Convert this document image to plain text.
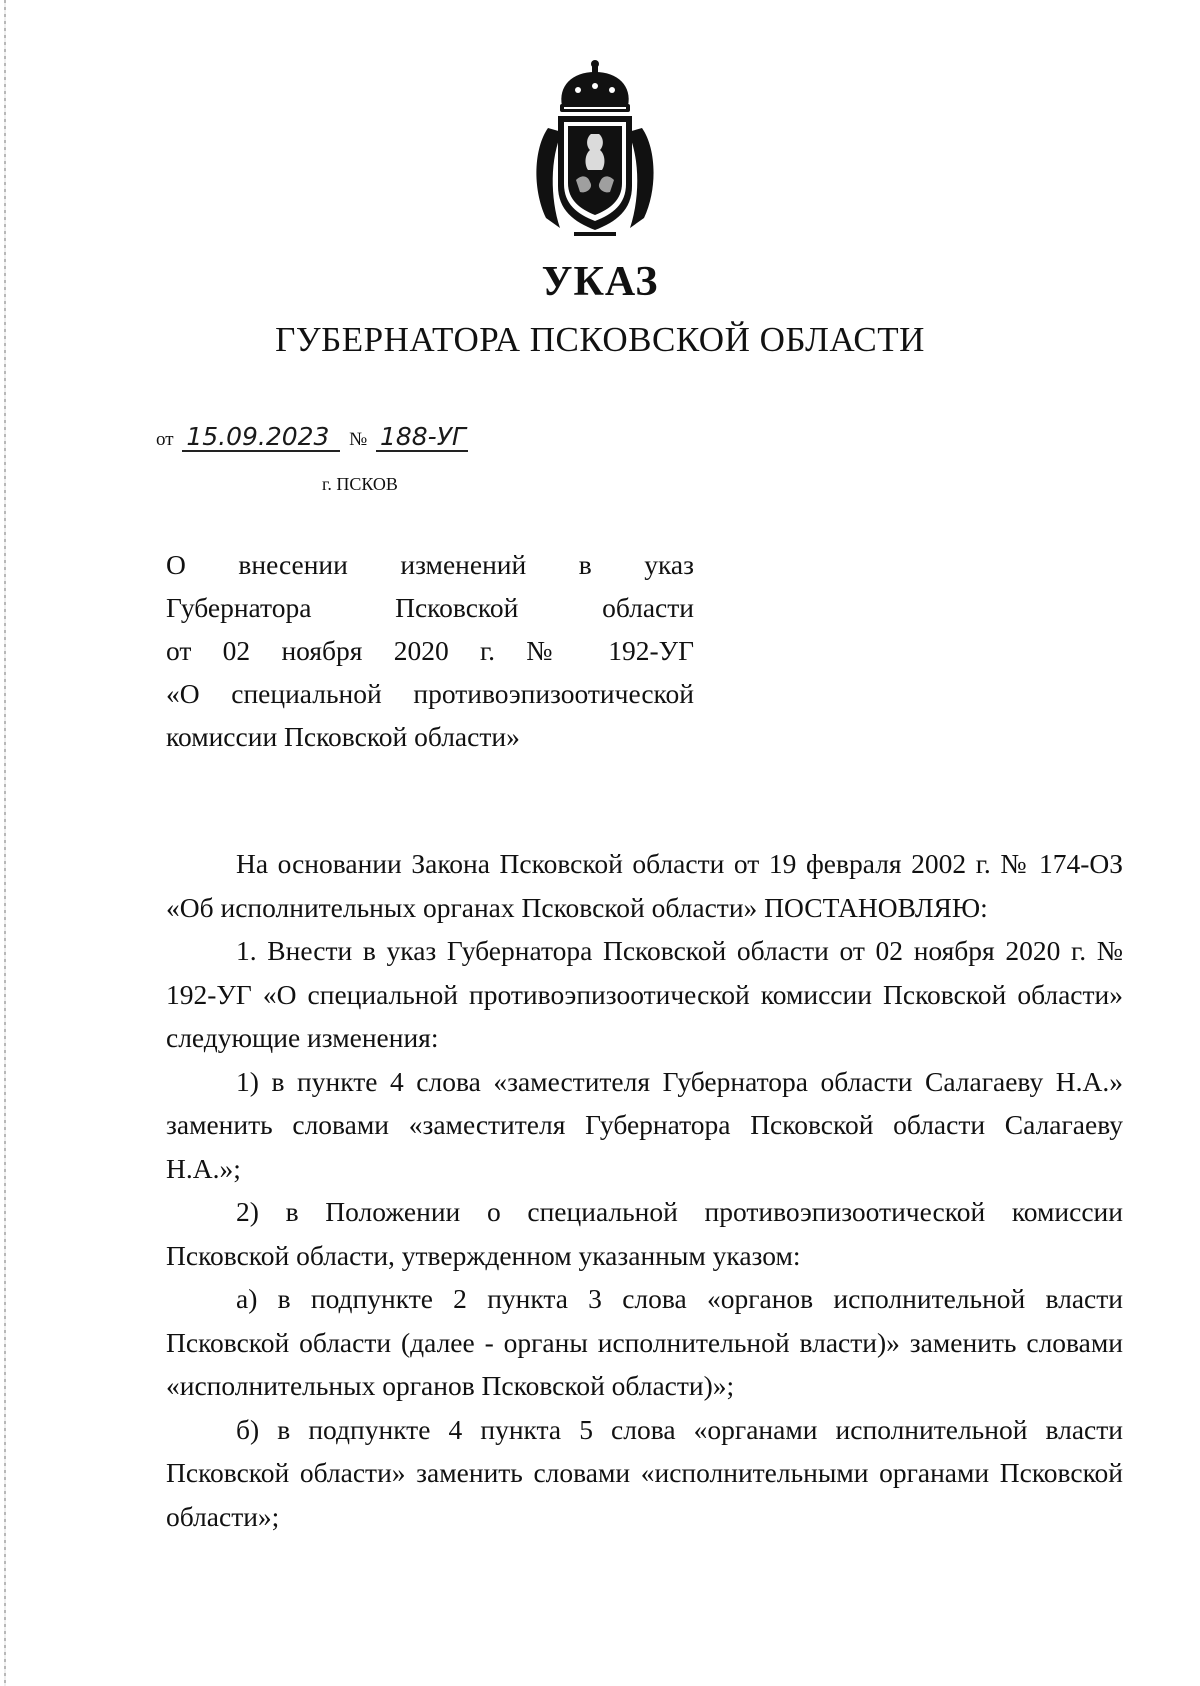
УКАЗ
ГУБЕРНАТОРА ПСКОВСКОЙ ОБЛАСТИ
от 15.09.2023 № 188-УГ
г. ПСКОВ
О внесении изменений в указ
Губернатора Псковской области
от 02 ноября 2020 г. № 192-УГ
«О специальной противоэпизоотической
комиссии Псковской области»

На основании Закона Псковской области от 19 февраля 2002 г. № 174-ОЗ «Об исполнительных органах Псковской области» ПОСТАНОВЛЯЮ:

1. Внести в указ Губернатора Псковской области от 02 ноября 2020 г. № 192-УГ «О специальной противоэпизоотической комиссии Псковской области» следующие изменения:

1) в пункте 4 слова «заместителя Губернатора области Салагаеву Н.А.» заменить словами «заместителя Губернатора Псковской области Салагаеву Н.А.»;

2) в Положении о специальной противоэпизоотической комиссии Псковской области, утвержденном указанным указом:

а) в подпункте 2 пункта 3 слова «органов исполнительной власти Псковской области (далее - органы исполнительной власти)» заменить словами «исполнительных органов Псковской области)»;

б) в подпункте 4 пункта 5 слова «органами исполнительной власти Псковской области» заменить словами «исполнительными органами Псковской области»;
